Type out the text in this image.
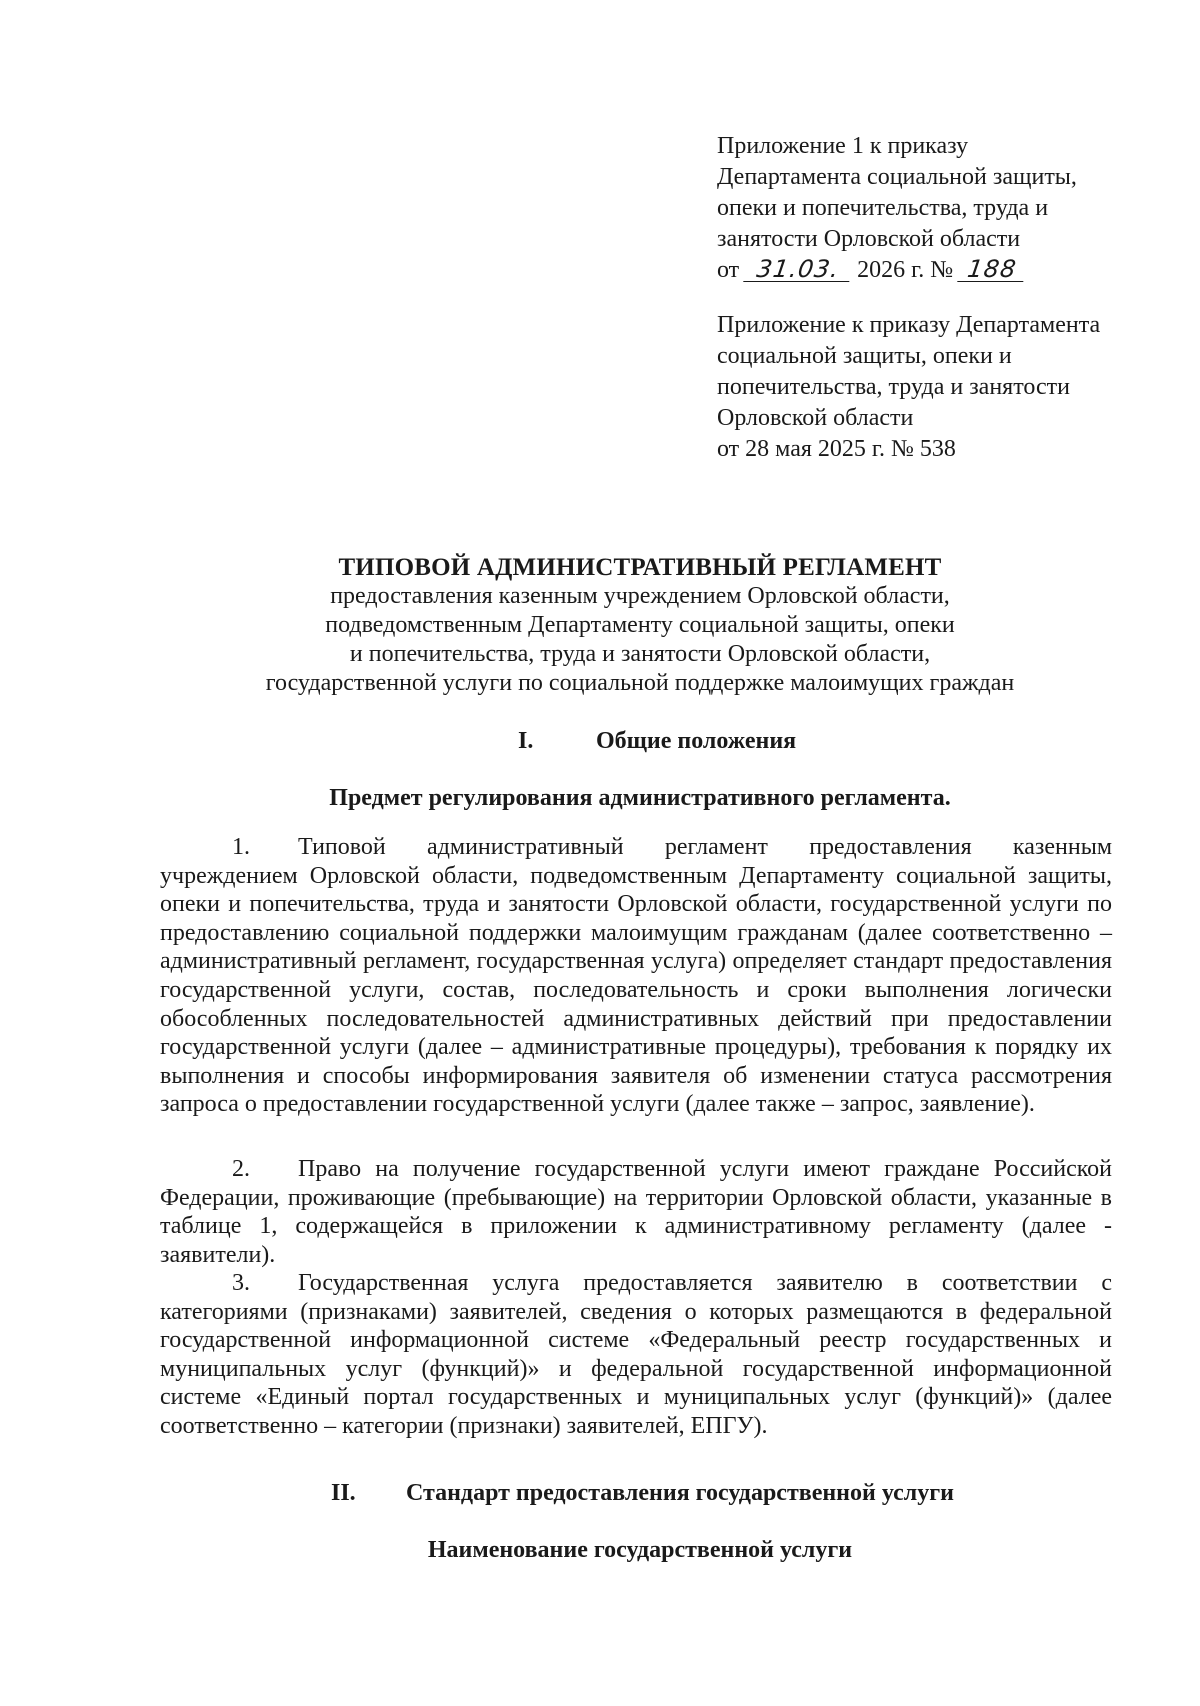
Приложение 1 к приказу
Департамента социальной защиты,
опеки и попечительства, труда и
занятости Орловской области
от 31.03. 2026 г. № 188
Приложение к приказу Департамента
социальной защиты, опеки и
попечительства, труда и занятости
Орловской области
от 28 мая 2025 г. № 538
ТИПОВОЙ АДМИНИСТРАТИВНЫЙ РЕГЛАМЕНТ
предоставления казенным учреждением Орловской области,
подведомственным Департаменту социальной защиты, опеки
и попечительства, труда и занятости Орловской области,
государственной услуги по социальной поддержке малоимущих граждан
I.	Общие положения
Предмет регулирования административного регламента.
1. Типовой административный регламент предоставления казенным учреждением Орловской области, подведомственным Департаменту социальной защиты, опеки и попечительства, труда и занятости Орловской области, государственной услуги по предоставлению социальной поддержки малоимущим гражданам (далее соответственно – административный регламент, государственная услуга) определяет стандарт предоставления государственной услуги, состав, последовательность и сроки выполнения логически обособленных последовательностей административных действий при предоставлении государственной услуги (далее – административные процедуры), требования к порядку их выполнения и способы информирования заявителя об изменении статуса рассмотрения запроса о предоставлении государственной услуги (далее также – запрос, заявление).
2. Право на получение государственной услуги имеют граждане Российской Федерации, проживающие (пребывающие) на территории Орловской области, указанные в таблице 1, содержащейся в приложении к административному регламенту (далее - заявители).
3. Государственная услуга предоставляется заявителю в соответствии с категориями (признаками) заявителей, сведения о которых размещаются в федеральной государственной информационной системе «Федеральный реестр государственных и муниципальных услуг (функций)» и федеральной государственной информационной системе «Единый портал государственных и муниципальных услуг (функций)» (далее соответственно – категории (признаки) заявителей, ЕПГУ).
II. Стандарт предоставления государственной услуги
Наименование государственной услуги
